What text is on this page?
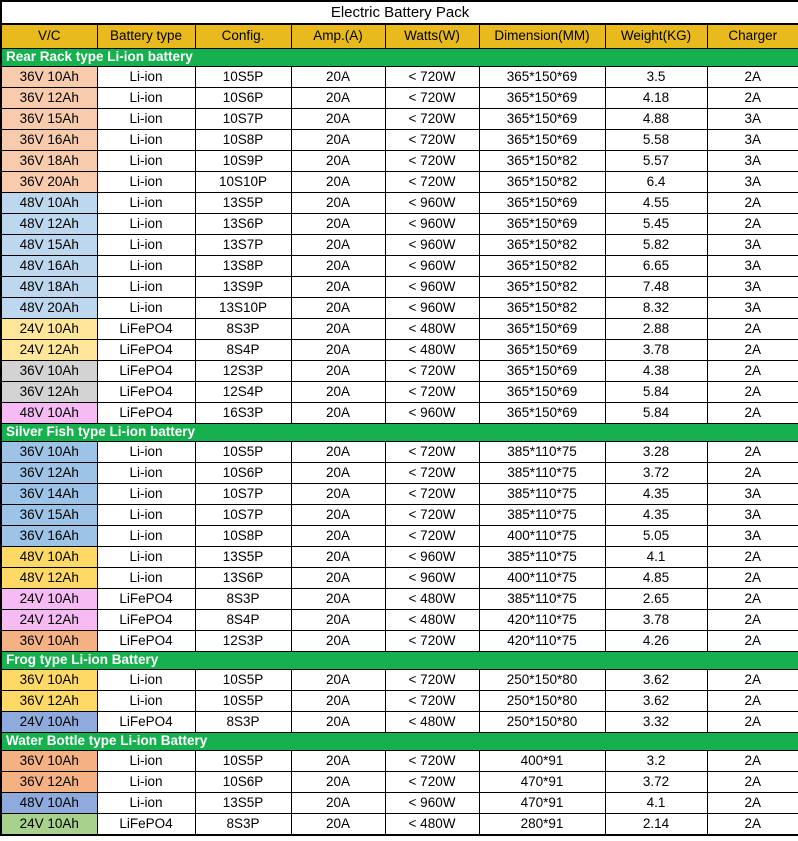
Electric Battery Pack							
V/C	Battery type	Config.	Amp.(A)	Watts(W)	Dimension(MM)	Weight(KG)	Charger
Rear Rack type Li-ion battery							
36V 10Ah	Li-ion	10S5P	20A	< 720W	365*150*69	3.5	2A
36V 12Ah	Li-ion	10S6P	20A	< 720W	365*150*69	4.18	2A
36V 15Ah	Li-ion	10S7P	20A	< 720W	365*150*69	4.88	3A
36V 16Ah	Li-ion	10S8P	20A	< 720W	365*150*69	5.58	3A
36V 18Ah	Li-ion	10S9P	20A	< 720W	365*150*82	5.57	3A
36V 20Ah	Li-ion	10S10P	20A	< 720W	365*150*82	6.4	3A
48V 10Ah	Li-ion	13S5P	20A	< 960W	365*150*69	4.55	2A
48V 12Ah	Li-ion	13S6P	20A	< 960W	365*150*69	5.45	2A
48V 15Ah	Li-ion	13S7P	20A	< 960W	365*150*82	5.82	3A
48V 16Ah	Li-ion	13S8P	20A	< 960W	365*150*82	6.65	3A
48V 18Ah	Li-ion	13S9P	20A	< 960W	365*150*82	7.48	3A
48V 20Ah	Li-ion	13S10P	20A	< 960W	365*150*82	8.32	3A
24V 10Ah	LiFePO4	8S3P	20A	< 480W	365*150*69	2.88	2A
24V 12Ah	LiFePO4	8S4P	20A	< 480W	365*150*69	3.78	2A
36V 10Ah	LiFePO4	12S3P	20A	< 720W	365*150*69	4.38	2A
36V 12Ah	LiFePO4	12S4P	20A	< 720W	365*150*69	5.84	2A
48V 10Ah	LiFePO4	16S3P	20A	< 960W	365*150*69	5.84	2A
Silver Fish type Li-ion battery							
36V 10Ah	Li-ion	10S5P	20A	< 720W	385*110*75	3.28	2A
36V 12Ah	Li-ion	10S6P	20A	< 720W	385*110*75	3.72	2A
36V 14Ah	Li-ion	10S7P	20A	< 720W	385*110*75	4.35	3A
36V 15Ah	Li-ion	10S7P	20A	< 720W	385*110*75	4.35	3A
36V 16Ah	Li-ion	10S8P	20A	< 720W	400*110*75	5.05	3A
48V 10Ah	Li-ion	13S5P	20A	< 960W	385*110*75	4.1	2A
48V 12Ah	Li-ion	13S6P	20A	< 960W	400*110*75	4.85	2A
24V 10Ah	LiFePO4	8S3P	20A	< 480W	385*110*75	2.65	2A
24V 12Ah	LiFePO4	8S4P	20A	< 480W	420*110*75	3.78	2A
36V 10Ah	LiFePO4	12S3P	20A	< 720W	420*110*75	4.26	2A
Frog type Li-ion Battery							
36V 10Ah	Li-ion	10S5P	20A	< 720W	250*150*80	3.62	2A
36V 12Ah	Li-ion	10S5P	20A	< 720W	250*150*80	3.62	2A
24V 10Ah	LiFePO4	8S3P	20A	< 480W	250*150*80	3.32	2A
Water Bottle type Li-ion Battery							
36V 10Ah	Li-ion	10S5P	20A	< 720W	400*91	3.2	2A
36V 12Ah	Li-ion	10S6P	20A	< 720W	470*91	3.72	2A
48V 10Ah	Li-ion	13S5P	20A	< 960W	470*91	4.1	2A
24V 10Ah	LiFePO4	8S3P	20A	< 480W	280*91	2.14	2A
